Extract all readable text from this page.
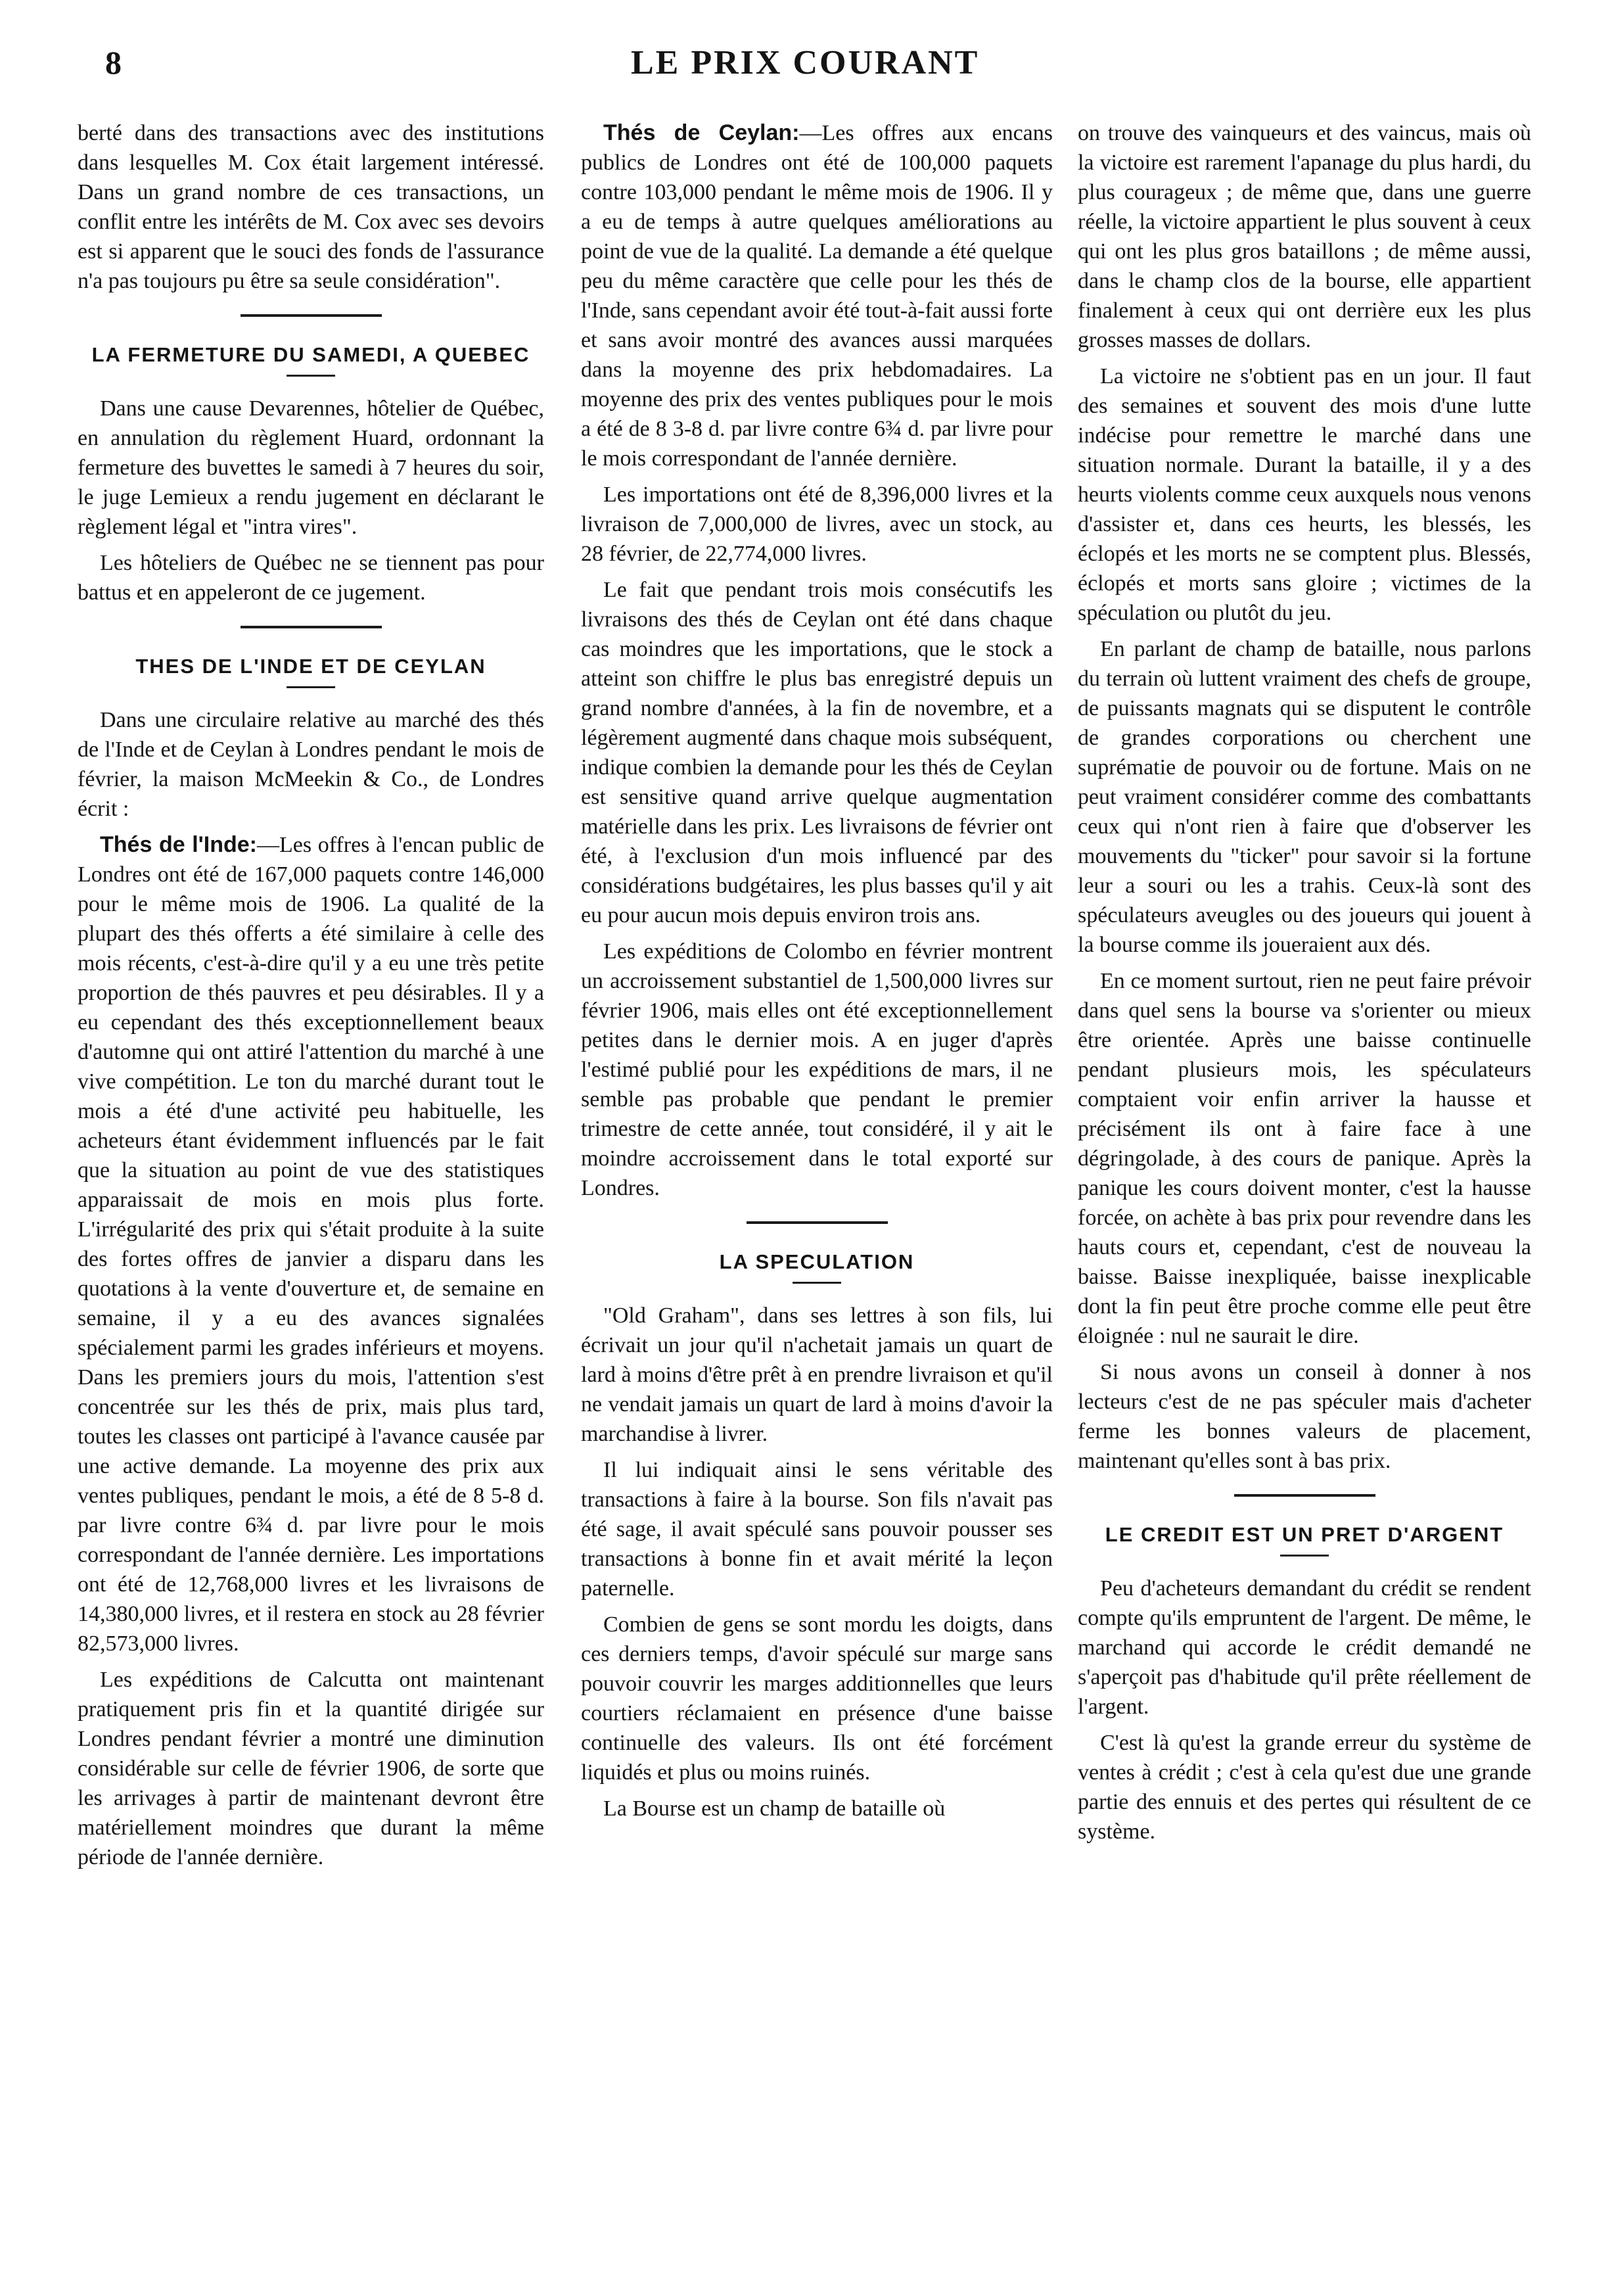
8	LE PRIX COURANT

berté dans des transactions avec des institutions dans lesquelles M. Cox était largement intéressé. Dans un grand nombre de ces transactions, un conflit entre les intérêts de M. Cox avec ses devoirs est si apparent que le souci des fonds de l'assurance n'a pas toujours pu être sa seule considération".

LA FERMETURE DU SAMEDI, A QUEBEC

Dans une cause Devarennes, hôtelier de Québec, en annulation du règlement Huard, ordonnant la fermeture des buvettes le samedi à 7 heures du soir, le juge Lemieux a rendu jugement en déclarant le règlement légal et "intra vires".

Les hôteliers de Québec ne se tiennent pas pour battus et en appeleront de ce jugement.

THES DE L'INDE ET DE CEYLAN

Dans une circulaire relative au marché des thés de l'Inde et de Ceylan à Londres pendant le mois de février, la maison McMeekin & Co., de Londres écrit :

Thés de l'Inde:—Les offres à l'encan public de Londres ont été de 167,000 paquets contre 146,000 pour le même mois de 1906. La qualité de la plupart des thés offerts a été similaire à celle des mois récents, c'est-à-dire qu'il y a eu une très petite proportion de thés pauvres et peu désirables. Il y a eu cependant des thés exceptionnellement beaux d'automne qui ont attiré l'attention du marché à une vive compétition. Le ton du marché durant tout le mois a été d'une activité peu habituelle, les acheteurs étant évidemment influencés par le fait que la situation au point de vue des statistiques apparaissait de mois en mois plus forte. L'irrégularité des prix qui s'était produite à la suite des fortes offres de janvier a disparu dans les quotations à la vente d'ouverture et, de semaine en semaine, il y a eu des avances signalées spécialement parmi les grades inférieurs et moyens. Dans les premiers jours du mois, l'attention s'est concentrée sur les thés de prix, mais plus tard, toutes les classes ont participé à l'avance causée par une active demande. La moyenne des prix aux ventes publiques, pendant le mois, a été de 8 5-8 d. par livre contre 6¾ d. par livre pour le mois correspondant de l'année dernière. Les importations ont été de 12,768,000 livres et les livraisons de 14,380,000 livres, et il restera en stock au 28 février 82,573,000 livres.

Les expéditions de Calcutta ont maintenant pratiquement pris fin et la quantité dirigée sur Londres pendant février a montré une diminution considérable sur celle de février 1906, de sorte que les arrivages à partir de maintenant devront être matériellement moindres que durant la même période de l'année dernière.

Thés de Ceylan:—Les offres aux encans publics de Londres ont été de 100,000 paquets contre 103,000 pendant le même mois de 1906. Il y a eu de temps à autre quelques améliorations au point de vue de la qualité. La demande a été quelque peu du même caractère que celle pour les thés de l'Inde, sans cependant avoir été tout-à-fait aussi forte et sans avoir montré des avances aussi marquées dans la moyenne des prix hebdomadaires. La moyenne des prix des ventes publiques pour le mois a été de 8 3-8 d. par livre contre 6¾ d. par livre pour le mois correspondant de l'année dernière.

Les importations ont été de 8,396,000 livres et la livraison de 7,000,000 de livres, avec un stock, au 28 février, de 22,774,000 livres.

Le fait que pendant trois mois consécutifs les livraisons des thés de Ceylan ont été dans chaque cas moindres que les importations, que le stock a atteint son chiffre le plus bas enregistré depuis un grand nombre d'années, à la fin de novembre, et a légèrement augmenté dans chaque mois subséquent, indique combien la demande pour les thés de Ceylan est sensitive quand arrive quelque augmentation matérielle dans les prix. Les livraisons de février ont été, à l'exclusion d'un mois influencé par des considérations budgétaires, les plus basses qu'il y ait eu pour aucun mois depuis environ trois ans.

Les expéditions de Colombo en février montrent un accroissement substantiel de 1,500,000 livres sur février 1906, mais elles ont été exceptionnellement petites dans le dernier mois. A en juger d'après l'estimé publié pour les expéditions de mars, il ne semble pas probable que pendant le premier trimestre de cette année, tout considéré, il y ait le moindre accroissement dans le total exporté sur Londres.

LA SPECULATION

"Old Graham", dans ses lettres à son fils, lui écrivait un jour qu'il n'achetait jamais un quart de lard à moins d'être prêt à en prendre livraison et qu'il ne vendait jamais un quart de lard à moins d'avoir la marchandise à livrer.

Il lui indiquait ainsi le sens véritable des transactions à faire à la bourse. Son fils n'avait pas été sage, il avait spéculé sans pouvoir pousser ses transactions à bonne fin et avait mérité la leçon paternelle.

Combien de gens se sont mordu les doigts, dans ces derniers temps, d'avoir spéculé sur marge sans pouvoir couvrir les marges additionnelles que leurs courtiers réclamaient en présence d'une baisse continuelle des valeurs. Ils ont été forcément liquidés et plus ou moins ruinés.

La Bourse est un champ de bataille où

on trouve des vainqueurs et des vaincus, mais où la victoire est rarement l'apanage du plus hardi, du plus courageux ; de même que, dans une guerre réelle, la victoire appartient le plus souvent à ceux qui ont les plus gros bataillons ; de même aussi, dans le champ clos de la bourse, elle appartient finalement à ceux qui ont derrière eux les plus grosses masses de dollars.

La victoire ne s'obtient pas en un jour. Il faut des semaines et souvent des mois d'une lutte indécise pour remettre le marché dans une situation normale. Durant la bataille, il y a des heurts violents comme ceux auxquels nous venons d'assister et, dans ces heurts, les blessés, les éclopés et les morts ne se comptent plus. Blessés, éclopés et morts sans gloire ; victimes de la spéculation ou plutôt du jeu.

En parlant de champ de bataille, nous parlons du terrain où luttent vraiment des chefs de groupe, de puissants magnats qui se disputent le contrôle de grandes corporations ou cherchent une suprématie de pouvoir ou de fortune. Mais on ne peut vraiment considérer comme des combattants ceux qui n'ont rien à faire que d'observer les mouvements du "ticker" pour savoir si la fortune leur a souri ou les a trahis. Ceux-là sont des spéculateurs aveugles ou des joueurs qui jouent à la bourse comme ils joueraient aux dés.

En ce moment surtout, rien ne peut faire prévoir dans quel sens la bourse va s'orienter ou mieux être orientée. Après une baisse continuelle pendant plusieurs mois, les spéculateurs comptaient voir enfin arriver la hausse et précisément ils ont à faire face à une dégringolade, à des cours de panique. Après la panique les cours doivent monter, c'est la hausse forcée, on achète à bas prix pour revendre dans les hauts cours et, cependant, c'est de nouveau la baisse. Baisse inexpliquée, baisse inexplicable dont la fin peut être proche comme elle peut être éloignée : nul ne saurait le dire.

Si nous avons un conseil à donner à nos lecteurs c'est de ne pas spéculer mais d'acheter ferme les bonnes valeurs de placement, maintenant qu'elles sont à bas prix.

LE CREDIT EST UN PRET D'ARGENT

Peu d'acheteurs demandant du crédit se rendent compte qu'ils empruntent de l'argent. De même, le marchand qui accorde le crédit demandé ne s'aperçoit pas d'habitude qu'il prête réellement de l'argent.

C'est là qu'est la grande erreur du système de ventes à crédit ; c'est à cela qu'est due une grande partie des ennuis et des pertes qui résultent de ce système.
